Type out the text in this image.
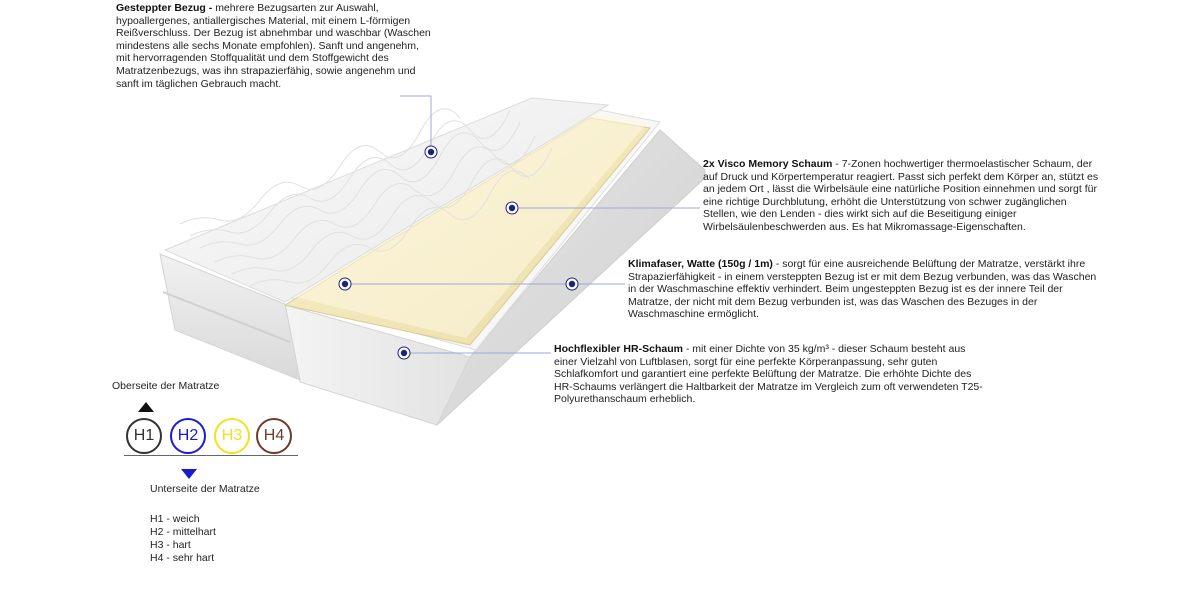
Gesteppter Bezug - mehrere Bezugsarten zur Auswahl, hypoallergenes, antiallergisches Material, mit einem L-förmigen Reißverschluss. Der Bezug ist abnehmbar und waschbar (Waschen mindestens alle sechs Monate empfohlen). Sanft und angenehm, mit hervorragenden Stoffqualität und dem Stoffgewicht des Matratzenbezugs, was ihn strapazierfähig, sowie angenehm und sanft im täglichen Gebrauch macht.
2x Visco Memory Schaum - 7-Zonen hochwertiger thermoelastischer Schaum, der auf Druck und Körpertemperatur reagiert. Passt sich perfekt dem Körper an, stützt es an jedem Ort , lässt die Wirbelsäule eine natürliche Position einnehmen und sorgt für eine richtige Durchblutung, erhöht die Unterstützung von schwer zugänglichen Stellen, wie den Lenden - dies wirkt sich auf die Beseitigung einiger Wirbelsäulenbeschwerden aus. Es hat Mikromassage-Eigenschaften.
Klimafaser, Watte (150g / 1m) - sorgt für eine ausreichende Belüftung der Matratze, verstärkt ihre Strapazierfähigkeit - in einem versteppten Bezug ist er mit dem Bezug verbunden, was das Waschen in der Waschmaschine effektiv verhindert. Beim ungesteppten Bezug ist es der innere Teil der Matratze, der nicht mit dem Bezug verbunden ist, was das Waschen des Bezuges in der Waschmaschine ermöglicht.
Hochflexibler HR-Schaum - mit einer Dichte von 35 kg/m³ - dieser Schaum besteht aus einer Vielzahl von Luftblasen, sorgt für eine perfekte Körperanpassung, sehr guten Schlafkomfort und garantiert eine perfekte Belüftung der Matratze. Die erhöhte Dichte des HR-Schaums verlängert die Haltbarkeit der Matratze im Vergleich zum oft verwendeten T25-Polyurethanschaum erheblich.
Oberseite der Matratze
H1	H2	H3	H4
Unterseite der Matratze
H1 - weich
H2 - mittelhart
H3 - hart
H4 - sehr hart
